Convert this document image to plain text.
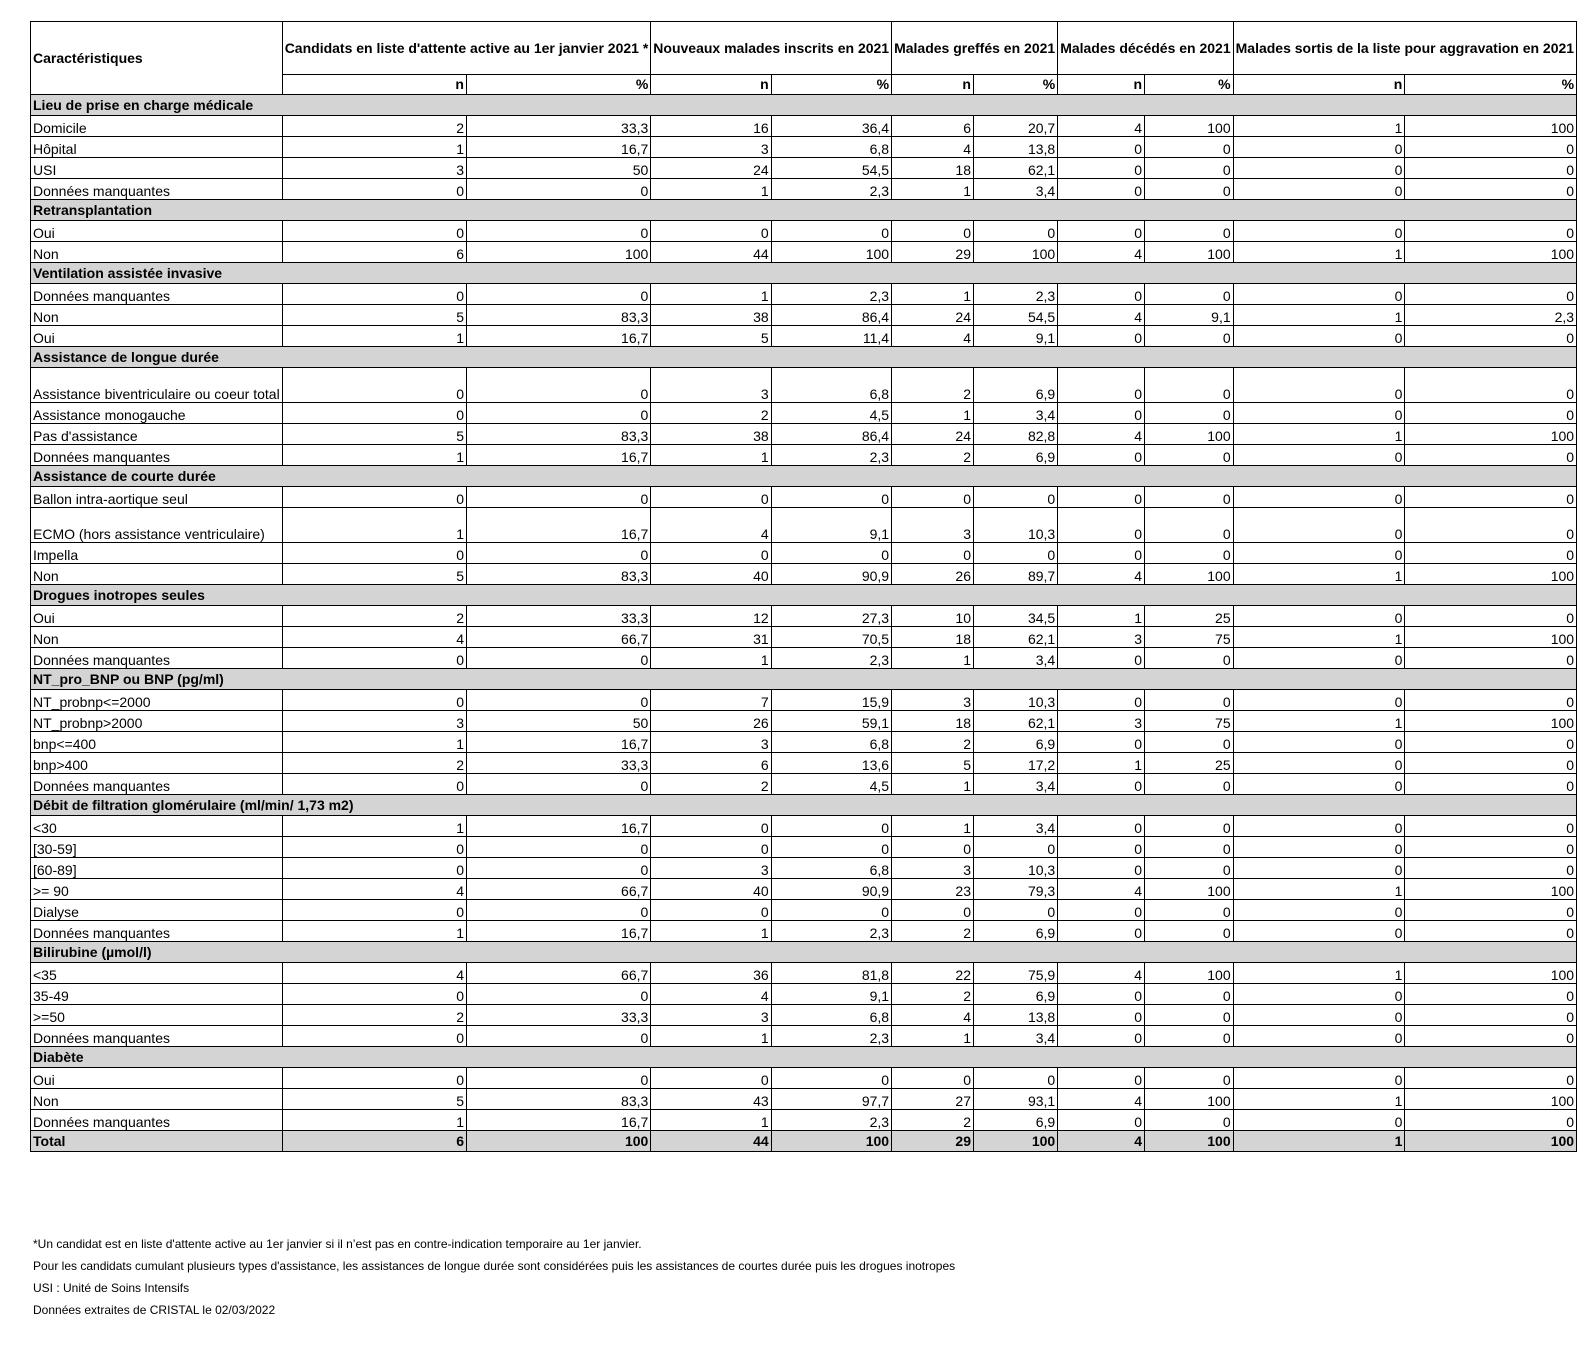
Caractéristiques	Candidats en liste d'attente active au 1er janvier 2021 *		Nouveaux malades inscrits en 2021		Malades greffés en 2021		Malades décédés en 2021		Malades sortis de la liste pour aggravation en 2021	
	n	%	n	%	n	%	n	%	n	%
Lieu de prise en charge médicale										
Domicile	2	33,3	16	36,4	6	20,7	4	100	1	100
Hôpital	1	16,7	3	6,8	4	13,8	0	0	0	0
USI	3	50	24	54,5	18	62,1	0	0	0	0
Données manquantes	0	0	1	2,3	1	3,4	0	0	0	0
Retransplantation										
Oui	0	0	0	0	0	0	0	0	0	0
Non	6	100	44	100	29	100	4	100	1	100
Ventilation assistée invasive										
Données manquantes	0	0	1	2,3	1	2,3	0	0	0	0
Non	5	83,3	38	86,4	24	54,5	4	9,1	1	2,3
Oui	1	16,7	5	11,4	4	9,1	0	0	0	0
Assistance de longue durée										
Assistance biventriculaire ou coeur total	0	0	3	6,8	2	6,9	0	0	0	0
Assistance monogauche	0	0	2	4,5	1	3,4	0	0	0	0
Pas d'assistance	5	83,3	38	86,4	24	82,8	4	100	1	100
Données manquantes	1	16,7	1	2,3	2	6,9	0	0	0	0
Assistance de courte durée										
Ballon intra-aortique seul	0	0	0	0	0	0	0	0	0	0
ECMO (hors assistance ventriculaire)	1	16,7	4	9,1	3	10,3	0	0	0	0
Impella	0	0	0	0	0	0	0	0	0	0
Non	5	83,3	40	90,9	26	89,7	4	100	1	100
Drogues inotropes seules										
Oui	2	33,3	12	27,3	10	34,5	1	25	0	0
Non	4	66,7	31	70,5	18	62,1	3	75	1	100
Données manquantes	0	0	1	2,3	1	3,4	0	0	0	0
NT_pro_BNP ou BNP (pg/ml)										
NT_probnp<=2000	0	0	7	15,9	3	10,3	0	0	0	0
NT_probnp>2000	3	50	26	59,1	18	62,1	3	75	1	100
bnp<=400	1	16,7	3	6,8	2	6,9	0	0	0	0
bnp>400	2	33,3	6	13,6	5	17,2	1	25	0	0
Données manquantes	0	0	2	4,5	1	3,4	0	0	0	0
Débit de filtration glomérulaire (ml/min/ 1,73 m2)										
<30	1	16,7	0	0	1	3,4	0	0	0	0
[30-59]	0	0	0	0	0	0	0	0	0	0
[60-89]	0	0	3	6,8	3	10,3	0	0	0	0
>= 90	4	66,7	40	90,9	23	79,3	4	100	1	100
Dialyse	0	0	0	0	0	0	0	0	0	0
Données manquantes	1	16,7	1	2,3	2	6,9	0	0	0	0
Bilirubine (µmol/l)										
<35	4	66,7	36	81,8	22	75,9	4	100	1	100
35-49	0	0	4	9,1	2	6,9	0	0	0	0
>=50	2	33,3	3	6,8	4	13,8	0	0	0	0
Données manquantes	0	0	1	2,3	1	3,4	0	0	0	0
Diabète										
Oui	0	0	0	0	0	0	0	0	0	0
Non	5	83,3	43	97,7	27	93,1	4	100	1	100
Données manquantes	1	16,7	1	2,3	2	6,9	0	0	0	0
Total	6	100	44	100	29	100	4	100	1	100
*Un candidat est en liste d'attente active au 1er janvier si il n’est pas en contre-indication temporaire au 1er janvier.
Pour les candidats cumulant plusieurs types d'assistance, les assistances de longue durée sont considérées puis les assistances de courtes durée puis les drogues inotropes
USI : Unité de Soins Intensifs
Données extraites de CRISTAL le 02/03/2022
